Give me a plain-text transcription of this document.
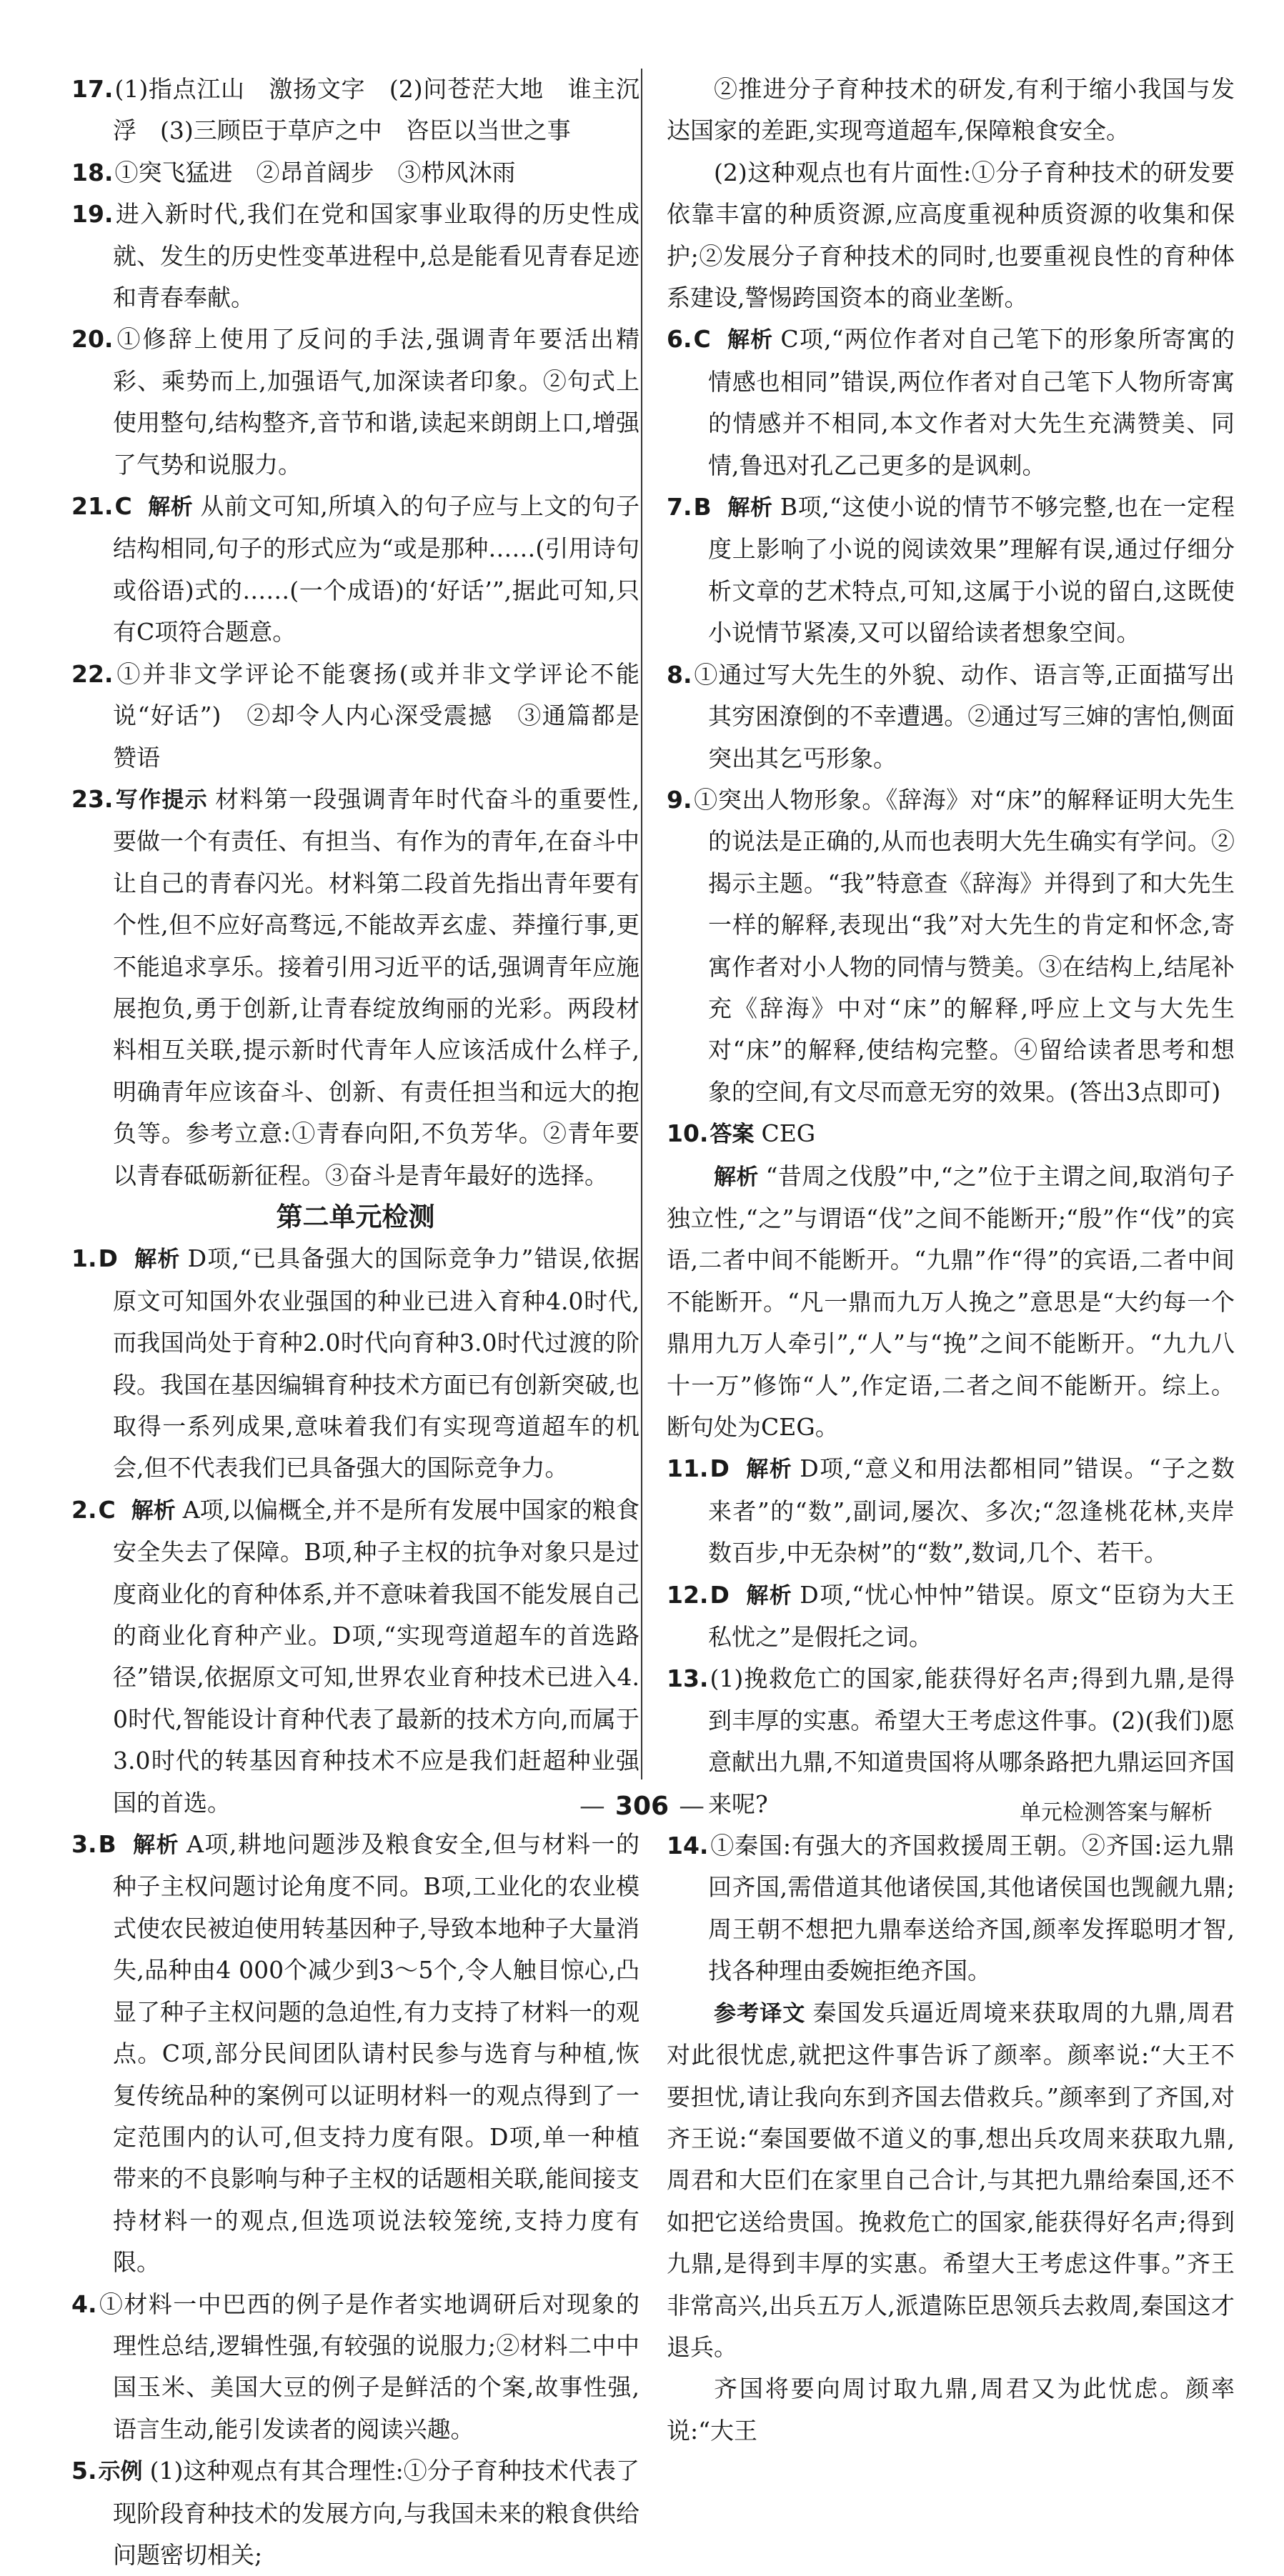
17.(1)指点江山　激扬文字　(2)问苍茫大地　谁主沉浮　(3)三顾臣于草庐之中　咨臣以当世之事

18.①突飞猛进　②昂首阔步　③栉风沐雨

19.进入新时代,我们在党和国家事业取得的历史性成就、发生的历史性变革进程中,总是能看见青春足迹和青春奉献。

20.①修辞上使用了反问的手法,强调青年要活出精彩、乘势而上,加强语气,加深读者印象。②句式上使用整句,结构整齐,音节和谐,读起来朗朗上口,增强了气势和说服力。

21.C 解析 从前文可知,所填入的句子应与上文的句子结构相同,句子的形式应为“或是那种……(引用诗句或俗语)式的……(一个成语)的‘好话’”,据此可知,只有C项符合题意。

22.①并非文学评论不能褒扬(或并非文学评论不能说“好话”)　②却令人内心深受震撼　③通篇都是赞语

23.写作提示 材料第一段强调青年时代奋斗的重要性,要做一个有责任、有担当、有作为的青年,在奋斗中让自己的青春闪光。材料第二段首先指出青年要有个性,但不应好高骛远,不能故弄玄虚、莽撞行事,更不能追求享乐。接着引用习近平的话,强调青年应施展抱负,勇于创新,让青春绽放绚丽的光彩。两段材料相互关联,提示新时代青年人应该活成什么样子,明确青年应该奋斗、创新、有责任担当和远大的抱负等。参考立意:①青春向阳,不负芳华。②青年要以青春砥砺新征程。③奋斗是青年最好的选择。

第二单元检测

1.D 解析 D项,“已具备强大的国际竞争力”错误,依据原文可知国外农业强国的种业已进入育种4.0时代,而我国尚处于育种2.0时代向育种3.0时代过渡的阶段。我国在基因编辑育种技术方面已有创新突破,也取得一系列成果,意味着我们有实现弯道超车的机会,但不代表我们已具备强大的国际竞争力。

2.C 解析 A项,以偏概全,并不是所有发展中国家的粮食安全失去了保障。B项,种子主权的抗争对象只是过度商业化的育种体系,并不意味着我国不能发展自己的商业化育种产业。D项,“实现弯道超车的首选路径”错误,依据原文可知,世界农业育种技术已进入4.0时代,智能设计育种代表了最新的技术方向,而属于3.0时代的转基因育种技术不应是我们赶超种业强国的首选。

3.B 解析 A项,耕地问题涉及粮食安全,但与材料一的种子主权问题讨论角度不同。B项,工业化的农业模式使农民被迫使用转基因种子,导致本地种子大量消失,品种由4 000个减少到3～5个,令人触目惊心,凸显了种子主权问题的急迫性,有力支持了材料一的观点。C项,部分民间团队请村民参与选育与种植,恢复传统品种的案例可以证明材料一的观点得到了一定范围内的认可,但支持力度有限。D项,单一种植带来的不良影响与种子主权的话题相关联,能间接支持材料一的观点,但选项说法较笼统,支持力度有限。

4.①材料一中巴西的例子是作者实地调研后对现象的理性总结,逻辑性强,有较强的说服力;②材料二中中国玉米、美国大豆的例子是鲜活的个案,故事性强,语言生动,能引发读者的阅读兴趣。

5.示例 (1)这种观点有其合理性:①分子育种技术代表了现阶段育种技术的发展方向,与我国未来的粮食供给问题密切相关;

②推进分子育种技术的研发,有利于缩小我国与发达国家的差距,实现弯道超车,保障粮食安全。

(2)这种观点也有片面性:①分子育种技术的研发要依靠丰富的种质资源,应高度重视种质资源的收集和保护;②发展分子育种技术的同时,也要重视良性的育种体系建设,警惕跨国资本的商业垄断。

6.C 解析 C项,“两位作者对自己笔下的形象所寄寓的情感也相同”错误,两位作者对自己笔下人物所寄寓的情感并不相同,本文作者对大先生充满赞美、同情,鲁迅对孔乙己更多的是讽刺。

7.B 解析 B项,“这使小说的情节不够完整,也在一定程度上影响了小说的阅读效果”理解有误,通过仔细分析文章的艺术特点,可知,这属于小说的留白,这既使小说情节紧凑,又可以留给读者想象空间。

8.①通过写大先生的外貌、动作、语言等,正面描写出其穷困潦倒的不幸遭遇。②通过写三婶的害怕,侧面突出其乞丐形象。

9.①突出人物形象。《辞海》对“床”的解释证明大先生的说法是正确的,从而也表明大先生确实有学问。②揭示主题。“我”特意查《辞海》并得到了和大先生一样的解释,表现出“我”对大先生的肯定和怀念,寄寓作者对小人物的同情与赞美。③在结构上,结尾补充《辞海》中对“床”的解释,呼应上文与大先生对“床”的解释,使结构完整。④留给读者思考和想象的空间,有文尽而意无穷的效果。(答出3点即可)

10.答案 CEG

解析 “昔周之伐殷”中,“之”位于主谓之间,取消句子独立性,“之”与谓语“伐”之间不能断开;“殷”作“伐”的宾语,二者中间不能断开。“九鼎”作“得”的宾语,二者中间不能断开。“凡一鼎而九万人挽之”意思是“大约每一个鼎用九万人牵引”,“人”与“挽”之间不能断开。“九九八十一万”修饰“人”,作定语,二者之间不能断开。综上。断句处为CEG。

11.D 解析 D项,“意义和用法都相同”错误。“子之数来者”的“数”,副词,屡次、多次;“忽逢桃花林,夹岸数百步,中无杂树”的“数”,数词,几个、若干。

12.D 解析 D项,“忧心忡忡”错误。原文“臣窃为大王私忧之”是假托之词。

13.(1)挽救危亡的国家,能获得好名声;得到九鼎,是得到丰厚的实惠。希望大王考虑这件事。(2)(我们)愿意献出九鼎,不知道贵国将从哪条路把九鼎运回齐国来呢?

14.①秦国:有强大的齐国救援周王朝。②齐国:运九鼎回齐国,需借道其他诸侯国,其他诸侯国也觊觎九鼎;周王朝不想把九鼎奉送给齐国,颜率发挥聪明才智,找各种理由委婉拒绝齐国。

参考译文 秦国发兵逼近周境来获取周的九鼎,周君对此很忧虑,就把这件事告诉了颜率。颜率说:“大王不要担忧,请让我向东到齐国去借救兵。”颜率到了齐国,对齐王说:“秦国要做不道义的事,想出兵攻周来获取九鼎,周君和大臣们在家里自己合计,与其把九鼎给秦国,还不如把它送给贵国。挽救危亡的国家,能获得好名声;得到九鼎,是得到丰厚的实惠。希望大王考虑这件事。”齐王非常高兴,出兵五万人,派遣陈臣思领兵去救周,秦国这才退兵。

齐国将要向周讨取九鼎,周君又为此忧虑。颜率说:“大王

— 306 —	单元检测答案与解析
